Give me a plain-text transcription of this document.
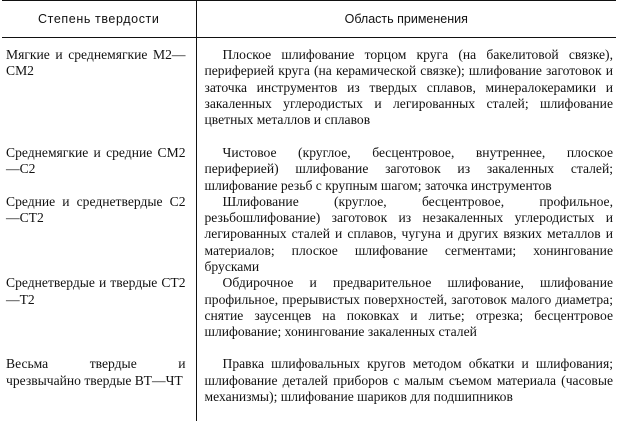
Степень твердости	Область применения

Мягкие и среднемягкие М2—СМ2	Плоское шлифование торцом круга (на бакелитовой связке), периферией круга (на керамической связке); шлифование заготовок и заточка инструментов из твердых сплавов, минералокерамики и закаленных углеродистых и легированных сталей; шлифование цветных металлов и сплавов

Среднемягкие и средние СМ2—С2	Чистовое (круглое, бесцентровое, внутреннее, плоское периферией) шлифование заготовок из закаленных сталей; шлифование резьб с крупным шагом; заточка инструментов

Средние и среднетвердые С2—СТ2	Шлифование (круглое, бесцентровое, профильное, резьбошлифование) заготовок из незакаленных углеродистых и легированных сталей и сплавов, чугуна и других вязких металлов и материалов; плоское шлифование сегментами; хонингование брусками

Среднетвердые и твердые СТ2—Т2	Обдирочное и предварительное шлифование, шлифование профильное, прерывистых поверхностей, заготовок малого диаметра; снятие заусенцев на поковках и литье; отрезка; бесцентровое шлифование; хонингование закаленных сталей

Весьма твердые и чрезвычайно твердые ВТ—ЧТ	Правка шлифовальных кругов методом обкатки и шлифования; шлифование деталей приборов с малым съемом материала (часовые механизмы); шлифование шариков для подшипников
